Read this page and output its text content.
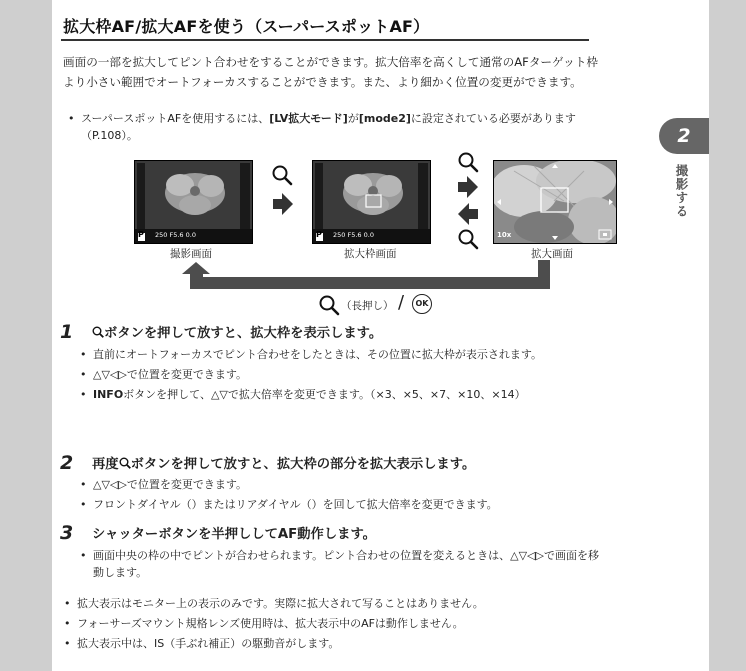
拡大枠AF/拡大AFを使う（スーパースポットAF）
画面の一部を拡大してピント合わせをすることができます。拡大倍率を高くして通常のAFターゲット枠より小さい範囲でオートフォーカスすることができます。また、より細かく位置の変更ができます。
• スーパースポットAFを使用するには、[LV拡大モード]が[mode2]に設定されている必要があります（P.108）。
P 250 F5.6 0.0	P 250 F5.6 0.0	10x
撮影画面	拡大枠画面	拡大画面
（長押し） /	OK
1	ボタンを押して放すと、拡大枠を表示します。
• 直前にオートフォーカスでピント合わせをしたときは、その位置に拡大枠が表示されます。
• △▽◁▷で位置を変更できます。
• INFOボタンを押して、△▽で拡大倍率を変更できます。（×3、×5、×7、×10、×14）
2 再度 ボタンを押して放すと、拡大枠の部分を拡大表示します。
• △▽◁▷で位置を変更できます。
• フロントダイヤル（）またはリアダイヤル（）を回して拡大倍率を変更できます。
3 シャッターボタンを半押ししてAF動作します。
• 画面中央の枠の中でピントが合わせられます。ピント合わせの位置を変えるときは、△▽◁▷で画面を移動します。
• 拡大表示はモニター上の表示のみです。実際に拡大されて写ることはありません。
• フォーサーズマウント規格レンズ使用時は、拡大表示中のAFは動作しません。
• 拡大表示中は、IS（手ぶれ補正）の駆動音がします。
2
撮影する
